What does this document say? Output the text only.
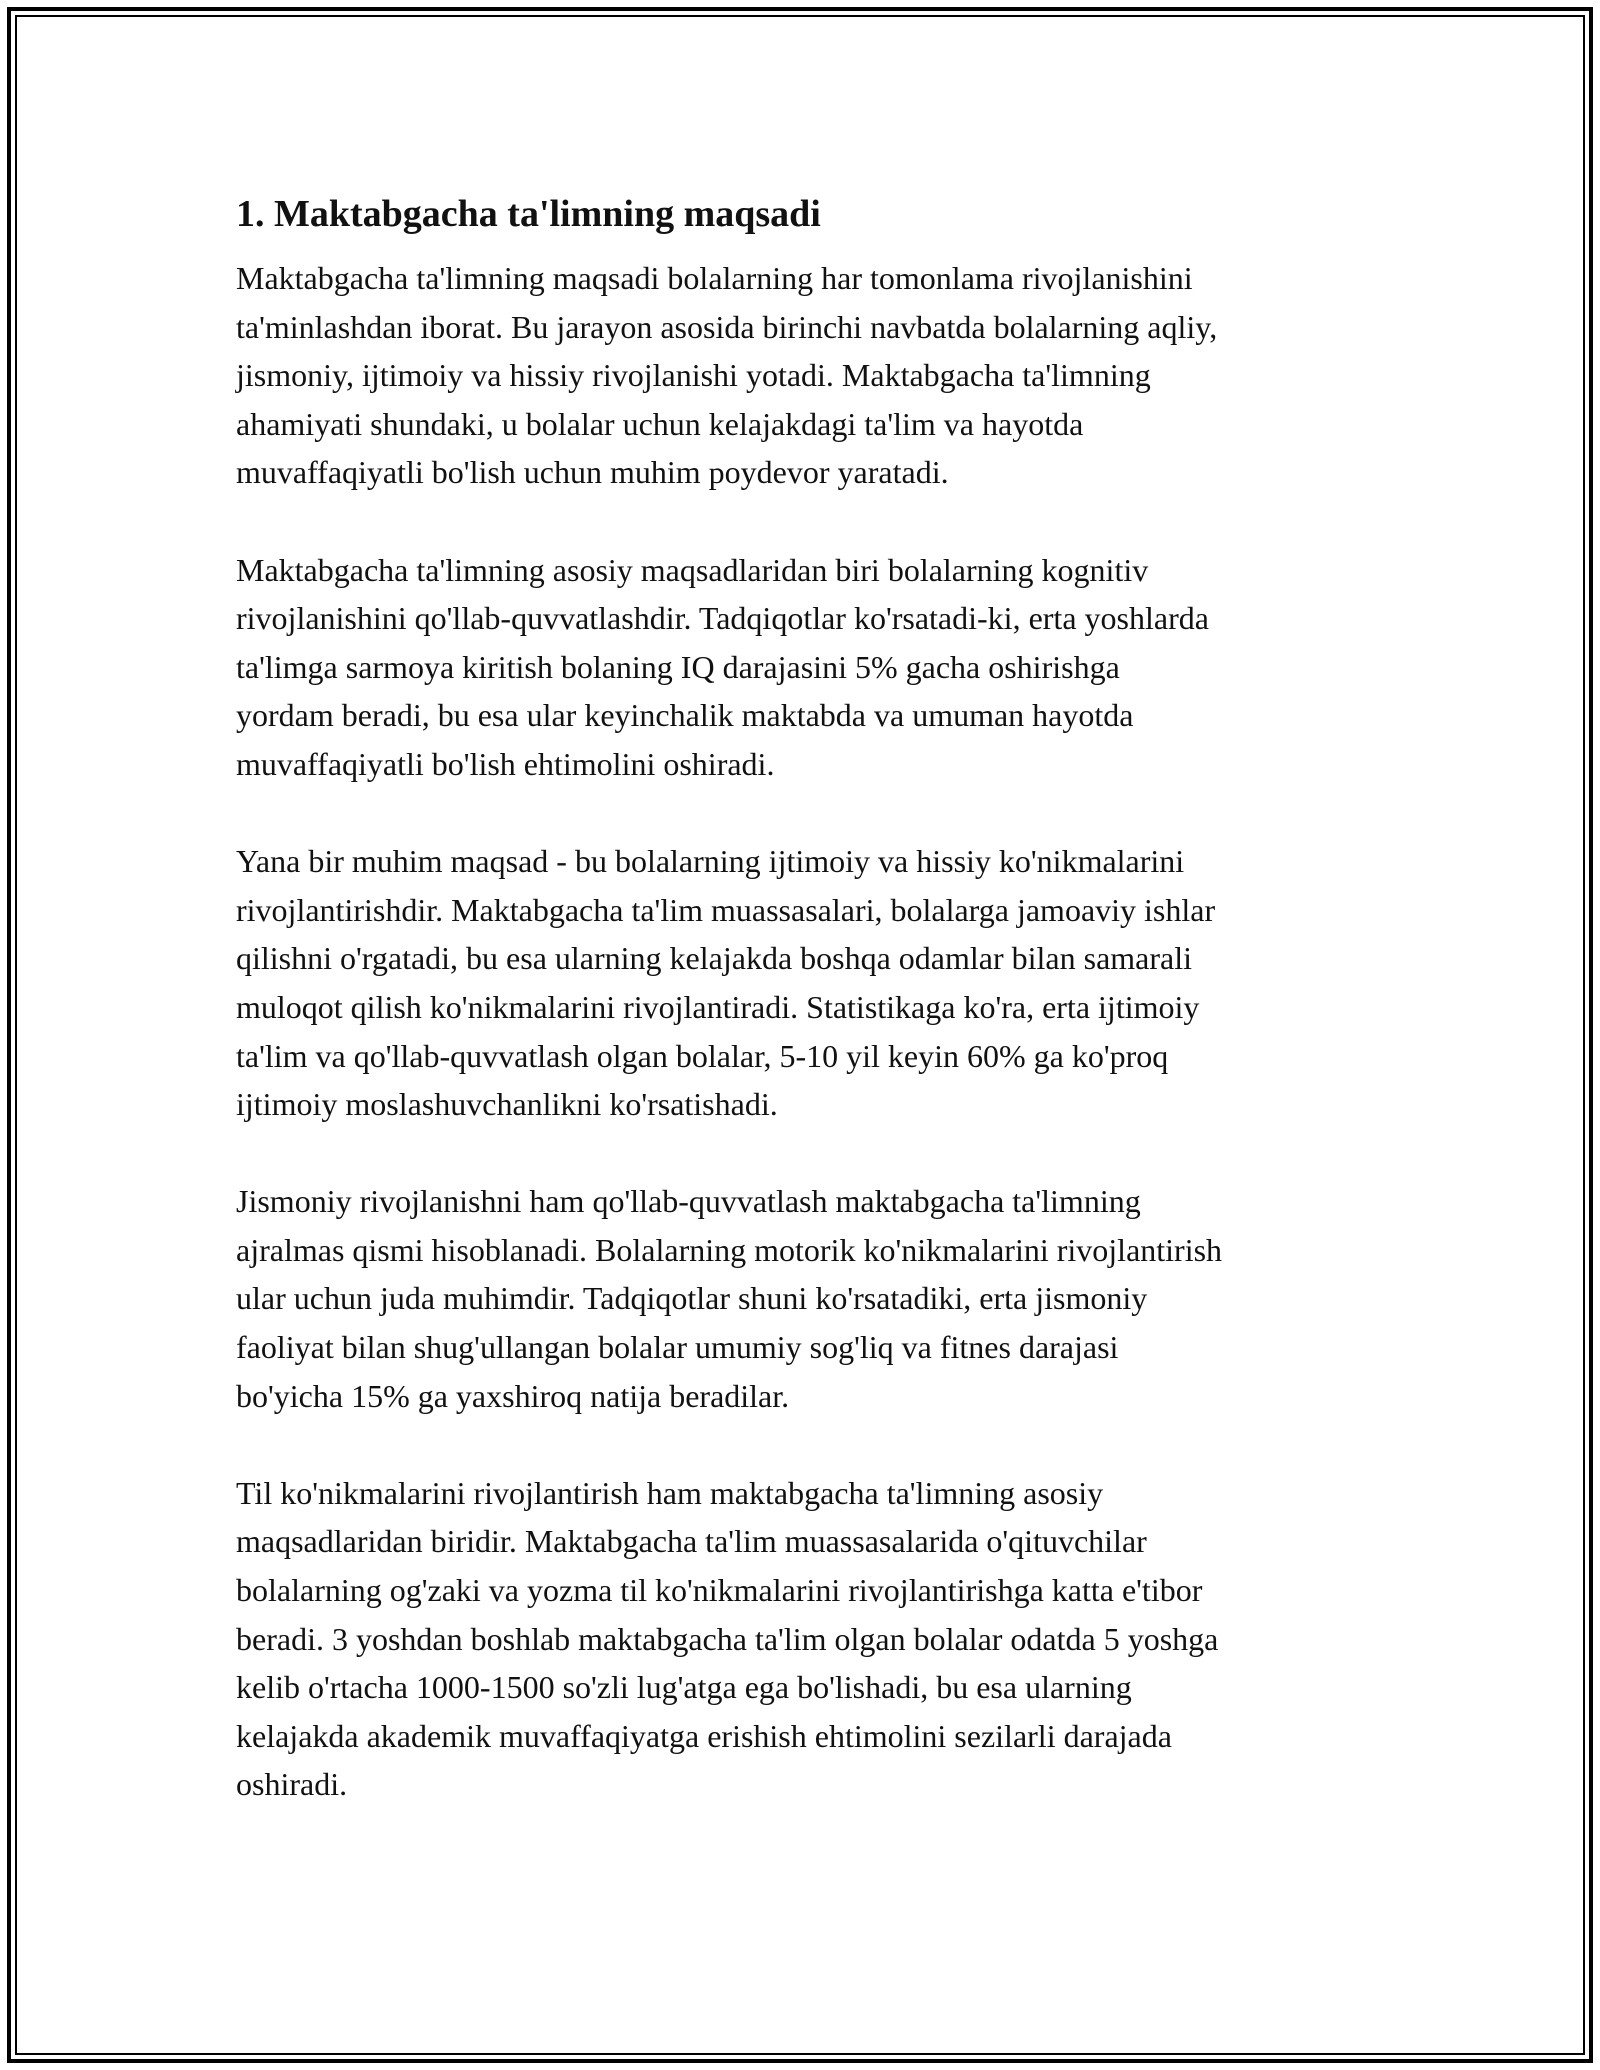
1. Maktabgacha ta'limning maqsadi

Maktabgacha ta'limning maqsadi bolalarning har tomonlama rivojlanishini
ta'minlashdan iborat. Bu jarayon asosida birinchi navbatda bolalarning aqliy,
jismoniy, ijtimoiy va hissiy rivojlanishi yotadi. Maktabgacha ta'limning
ahamiyati shundaki, u bolalar uchun kelajakdagi ta'lim va hayotda
muvaffaqiyatli bo'lish uchun muhim poydevor yaratadi.

Maktabgacha ta'limning asosiy maqsadlaridan biri bolalarning kognitiv
rivojlanishini qo'llab-quvvatlashdir. Tadqiqotlar ko'rsatadi-ki, erta yoshlarda
ta'limga sarmoya kiritish bolaning IQ darajasini 5% gacha oshirishga
yordam beradi, bu esa ular keyinchalik maktabda va umuman hayotda
muvaffaqiyatli bo'lish ehtimolini oshiradi.

Yana bir muhim maqsad - bu bolalarning ijtimoiy va hissiy ko'nikmalarini
rivojlantirishdir. Maktabgacha ta'lim muassasalari, bolalarga jamoaviy ishlar
qilishni o'rgatadi, bu esa ularning kelajakda boshqa odamlar bilan samarali
muloqot qilish ko'nikmalarini rivojlantiradi. Statistikaga ko'ra, erta ijtimoiy
ta'lim va qo'llab-quvvatlash olgan bolalar, 5-10 yil keyin 60% ga ko'proq
ijtimoiy moslashuvchanlikni ko'rsatishadi.

Jismoniy rivojlanishni ham qo'llab-quvvatlash maktabgacha ta'limning
ajralmas qismi hisoblanadi. Bolalarning motorik ko'nikmalarini rivojlantirish
ular uchun juda muhimdir. Tadqiqotlar shuni ko'rsatadiki, erta jismoniy
faoliyat bilan shug'ullangan bolalar umumiy sog'liq va fitnes darajasi
bo'yicha 15% ga yaxshiroq natija beradilar.

Til ko'nikmalarini rivojlantirish ham maktabgacha ta'limning asosiy
maqsadlaridan biridir. Maktabgacha ta'lim muassasalarida o'qituvchilar
bolalarning og'zaki va yozma til ko'nikmalarini rivojlantirishga katta e'tibor
beradi. 3 yoshdan boshlab maktabgacha ta'lim olgan bolalar odatda 5 yoshga
kelib o'rtacha 1000-1500 so'zli lug'atga ega bo'lishadi, bu esa ularning
kelajakda akademik muvaffaqiyatga erishish ehtimolini sezilarli darajada
oshiradi.
